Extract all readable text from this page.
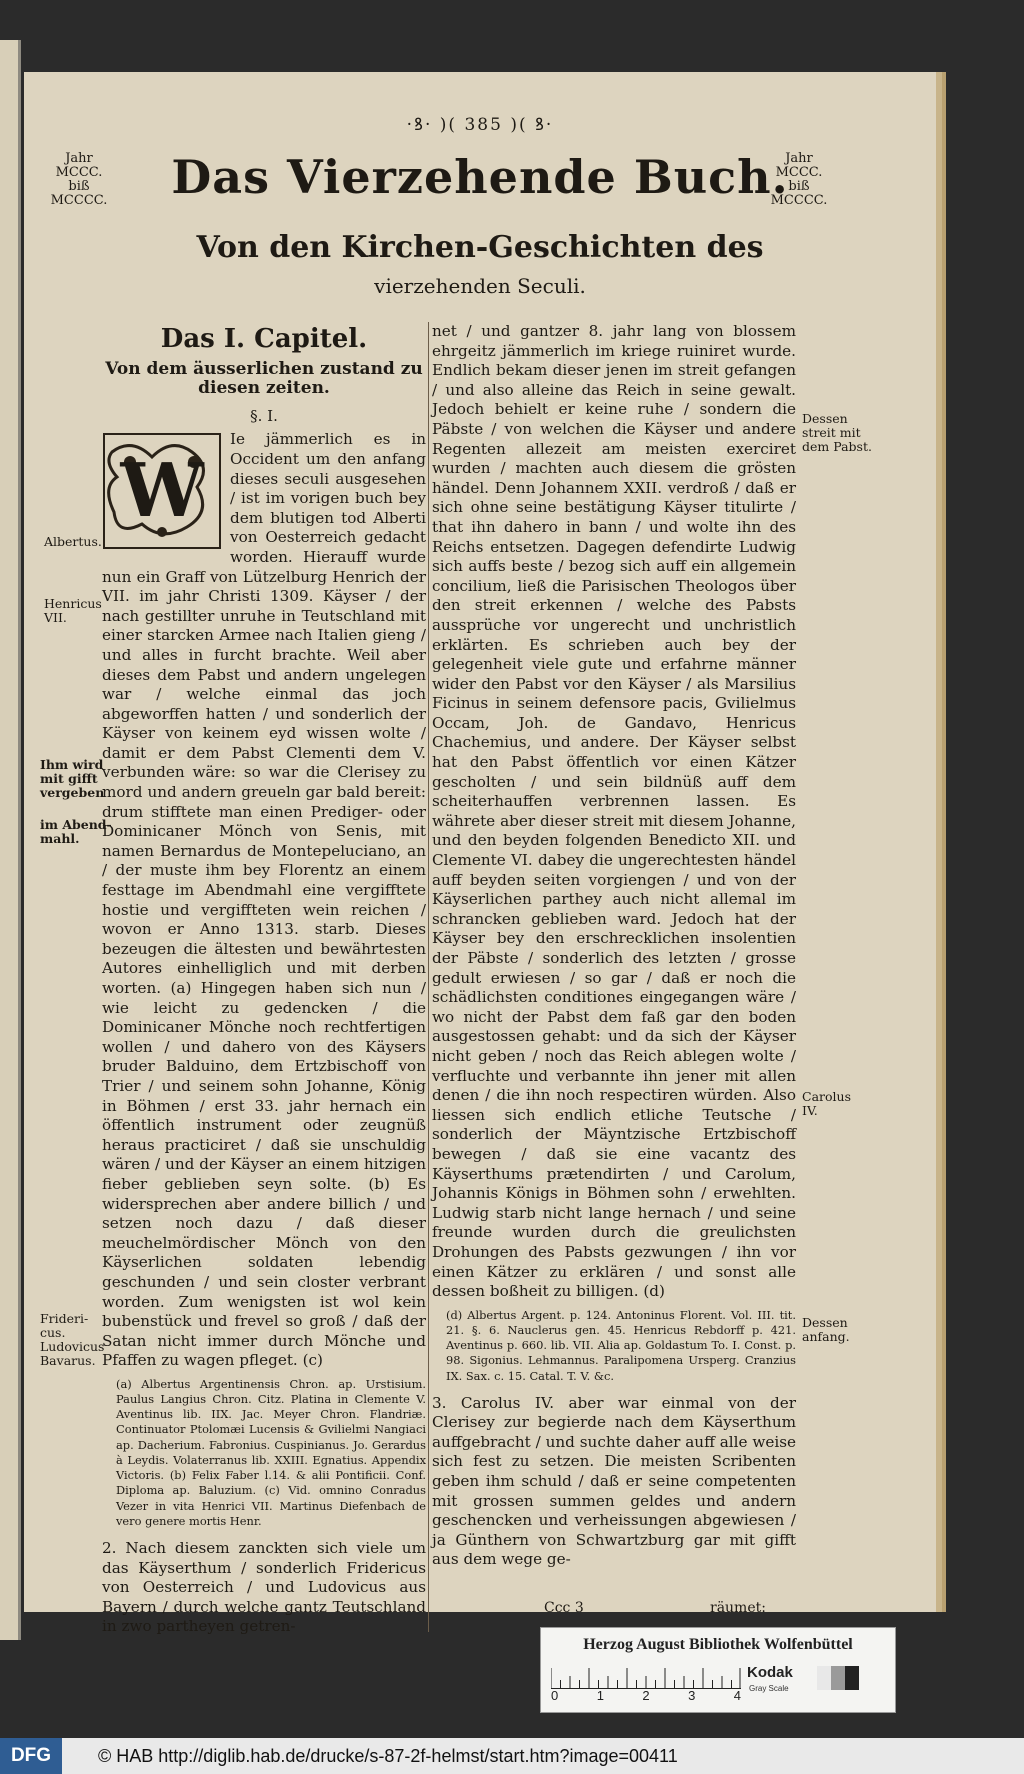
·ꝸ· )( 385 )( ꝸ·
Jahr
MCCC.
biß
MCCCC.
Jahr
MCCC.
biß
MCCCC.
Das Vierzehende Buch.
Von den Kirchen-Geschichten des
vierzehenden Seculi.
Das I. Capitel.
Von dem äusserlichen zustand zu diesen zeiten.
§. I.
W

Ie jämmerlich es in Occident um den anfang dieses seculi ausgesehen / ist im vorigen buch bey dem blutigen tod Alberti von Oesterreich gedacht worden. Hierauff wurde nun ein Graff von Lützelburg Henrich der VII. im jahr Christi 1309. Käyser / der nach gestillter unruhe in Teutschland mit einer starcken Armee nach Italien gieng / und alles in furcht brachte. Weil aber dieses dem Pabst und andern ungelegen war / welche einmal das joch abgeworffen hatten / und sonderlich der Käyser von keinem eyd wissen wolte / damit er dem Pabst Clementi dem V. verbunden wäre: so war die Clerisey zu mord und andern greueln gar bald bereit: drum stifftete man einen Prediger- oder Dominicaner Mönch von Senis, mit namen Bernardus de Montepeluciano, an / der muste ihm bey Florentz an einem festtage im Abendmahl eine vergifftete hostie und vergiffteten wein reichen / wovon er Anno 1313. starb. Dieses bezeugen die ältesten und bewährtesten Autores einhelliglich und mit derben worten. (a) Hingegen haben sich nun / wie leicht zu gedencken / die Dominicaner Mönche noch rechtfertigen wollen / und dahero von des Käysers bruder Balduino, dem Ertzbischoff von Trier / und seinem sohn Johanne, König in Böhmen / erst 33. jahr hernach ein öffentlich instrument oder zeugnüß heraus practiciret / daß sie unschuldig wären / und der Käyser an einem hitzigen fieber geblieben seyn solte. (b) Es widersprechen aber andere billich / und setzen noch dazu / daß dieser meuchelmördischer Mönch von den Käyserlichen soldaten lebendig geschunden / und sein closter verbrant worden. Zum wenigsten ist wol kein bubenstück und frevel so groß / daß der Satan nicht immer durch Mönche und Pfaffen zu wagen pfleget. (c)

(a) Albertus Argentinensis Chron. ap. Urstisium. Paulus Langius Chron. Citz. Platina in Clemente V. Aventinus lib. IIX. Jac. Meyer Chron. Flandriæ. Continuator Ptolomæi Lucensis & Gvilielmi Nangiaci ap. Dacherium. Fabronius. Cuspinianus. Jo. Gerardus à Leydis. Volaterranus lib. XXIII. Egnatius. Appendix Victoris. (b) Felix Faber l.14. & alii Pontificii. Conf. Diploma ap. Baluzium. (c) Vid. omnino Conradus Vezer in vita Henrici VII. Martinus Diefenbach de vero genere mortis Henr.

2. Nach diesem zanckten sich viele um das Käyserthum / sonderlich Fridericus von Oesterreich / und Ludovicus aus Bayern / durch welche gantz Teutschland in zwo partheyen getren-

net / und gantzer 8. jahr lang von blossem ehrgeitz jämmerlich im kriege ruiniret wurde. Endlich bekam dieser jenen im streit gefangen / und also alleine das Reich in seine gewalt. Jedoch behielt er keine ruhe / sondern die Päbste / von welchen die Käyser und andere Regenten allezeit am meisten exerciret wurden / machten auch diesem die grösten händel. Denn Johannem XXII. verdroß / daß er sich ohne seine bestätigung Käyser titulirte / that ihn dahero in bann / und wolte ihn des Reichs entsetzen. Dagegen defendirte Ludwig sich auffs beste / bezog sich auff ein allgemein concilium, ließ die Parisischen Theologos über den streit erkennen / welche des Pabsts aussprüche vor ungerecht und unchristlich erklärten. Es schrieben auch bey der gelegenheit viele gute und erfahrne männer wider den Pabst vor den Käyser / als Marsilius Ficinus in seinem defensore pacis, Gvilielmus Occam, Joh. de Gandavo, Henricus Chachemius, und andere. Der Käyser selbst hat den Pabst öffentlich vor einen Kätzer gescholten / und sein bildnüß auff dem scheiterhauffen verbrennen lassen. Es währete aber dieser streit mit diesem Johanne, und den beyden folgenden Benedicto XII. und Clemente VI. dabey die ungerechtesten händel auff beyden seiten vorgiengen / und von der Käyserlichen parthey auch nicht allemal im schrancken geblieben ward. Jedoch hat der Käyser bey den erschrecklichen insolentien der Päbste / sonderlich des letzten / grosse gedult erwiesen / so gar / daß er noch die schädlichsten conditiones eingegangen wäre / wo nicht der Pabst dem faß gar den boden ausgestossen gehabt: und da sich der Käyser nicht geben / noch das Reich ablegen wolte / verfluchte und verbannte ihn jener mit allen denen / die ihn noch respectiren würden. Also liessen sich endlich etliche Teutsche / sonderlich der Mäyntzische Ertzbischoff bewegen / daß sie eine vacantz des Käyserthums prætendirten / und Carolum, Johannis Königs in Böhmen sohn / erwehlten. Ludwig starb nicht lange hernach / und seine freunde wurden durch die greulichsten Drohungen des Pabsts gezwungen / ihn vor einen Kätzer zu erklären / und sonst alle dessen boßheit zu billigen. (d)

(d) Albertus Argent. p. 124. Antoninus Florent. Vol. III. tit. 21. §. 6. Nauclerus gen. 45. Henricus Rebdorff p. 421. Aventinus p. 660. lib. VII. Alia ap. Goldastum To. I. Const. p. 98. Sigonius. Lehmannus. Paralipomena Ursperg. Cranzius IX. Sax. c. 15. Catal. T. V. &c.

3. Carolus IV. aber war einmal von der Clerisey zur begierde nach dem Käyserthum auffgebracht / und suchte daher auff alle weise sich fest zu setzen. Die meisten Scribenten geben ihm schuld / daß er seine competenten mit grossen summen geldes und andern geschencken und verheissungen abgewiesen / ja Günthern von Schwartzburg gar mit gifft aus dem wege ge-

Albertus.
Henricus
VII.
Ihm wird
mit gifft
vergeben
im Abend-
mahl.
Frideri-
cus.
Ludovicus
Bavarus.
Dessen
streit mit
dem Pabst.
Carolus
IV.
Dessen
anfang.
Ccc 3	räumet:
Herzog August Bibliothek Wolfenbüttel
0	1	2	3	4
Kodak
Gray Scale
DFG	© HAB http://diglib.hab.de/drucke/s-87-2f-helmst/start.htm?image=00411
